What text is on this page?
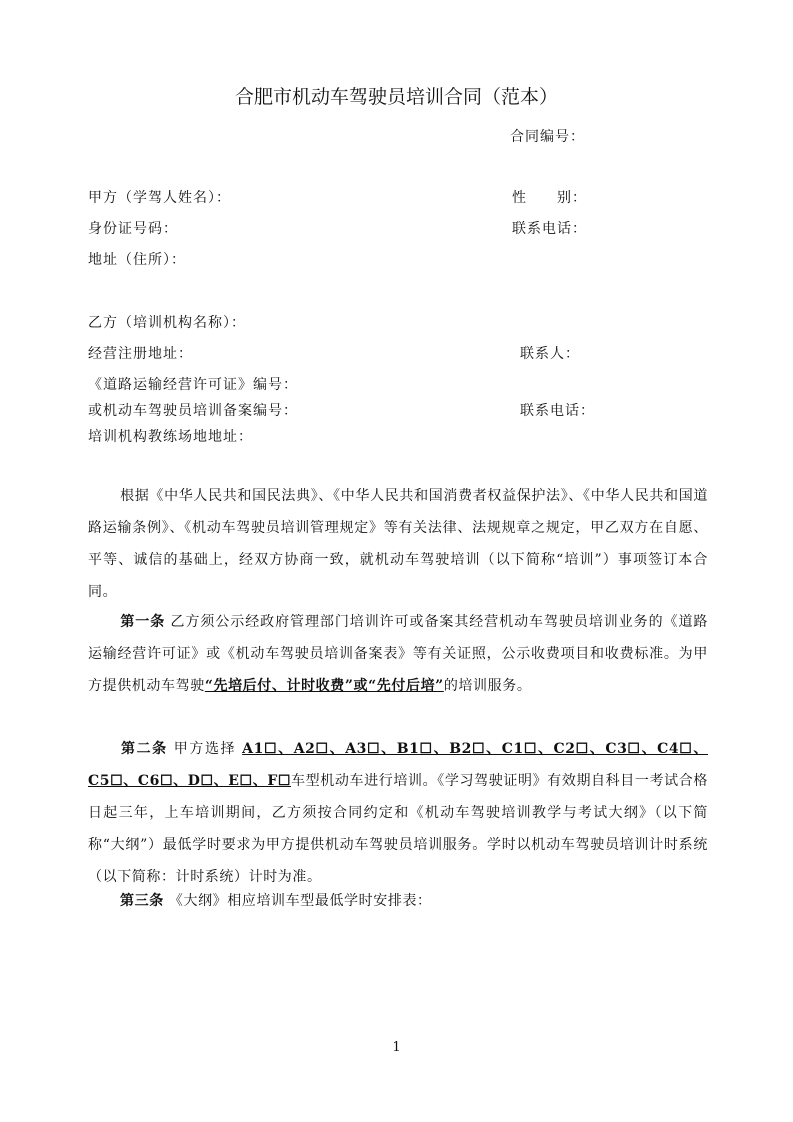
合肥市机动车驾驶员培训合同（范本）
合同编号：
甲方（学驾人姓名）：	性　　别：
身份证号码：	联系电话：
地址（住所）：
乙方（培训机构名称）：
经营注册地址：	联系人：
《道路运输经营许可证》编号：
或机动车驾驶员培训备案编号：	联系电话：
培训机构教练场地地址：
根据《中华人民共和国民法典》、《中华人民共和国消费者权益保护法》、《中华人民共和国道路运输条例》、《机动车驾驶员培训管理规定》等有关法律、法规规章之规定，甲乙双方在自愿、平等、诚信的基础上，经双方协商一致，就机动车驾驶培训（以下简称“培训”）事项签订本合同。
第一条 乙方须公示经政府管理部门培训许可或备案其经营机动车驾驶员培训业务的《道路运输经营许可证》或《机动车驾驶员培训备案表》等有关证照，公示收费项目和收费标准。为甲方提供机动车驾驶“先培后付、计时收费”或“先付后培”的培训服务。
第二条 甲方选择 A1☐、A2☐、A3☐、B1☐、B2☐、C1☐、C2☐、C3☐、C4☐、C5☐、C6☐、D☐、E☐、F☐车型机动车进行培训。《学习驾驶证明》有效期自科目一考试合格日起三年，上车培训期间，乙方须按合同约定和《机动车驾驶培训教学与考试大纲》（以下简称“大纲”）最低学时要求为甲方提供机动车驾驶员培训服务。学时以机动车驾驶员培训计时系统（以下简称：计时系统）计时为准。
第三条 《大纲》相应培训车型最低学时安排表：
1
